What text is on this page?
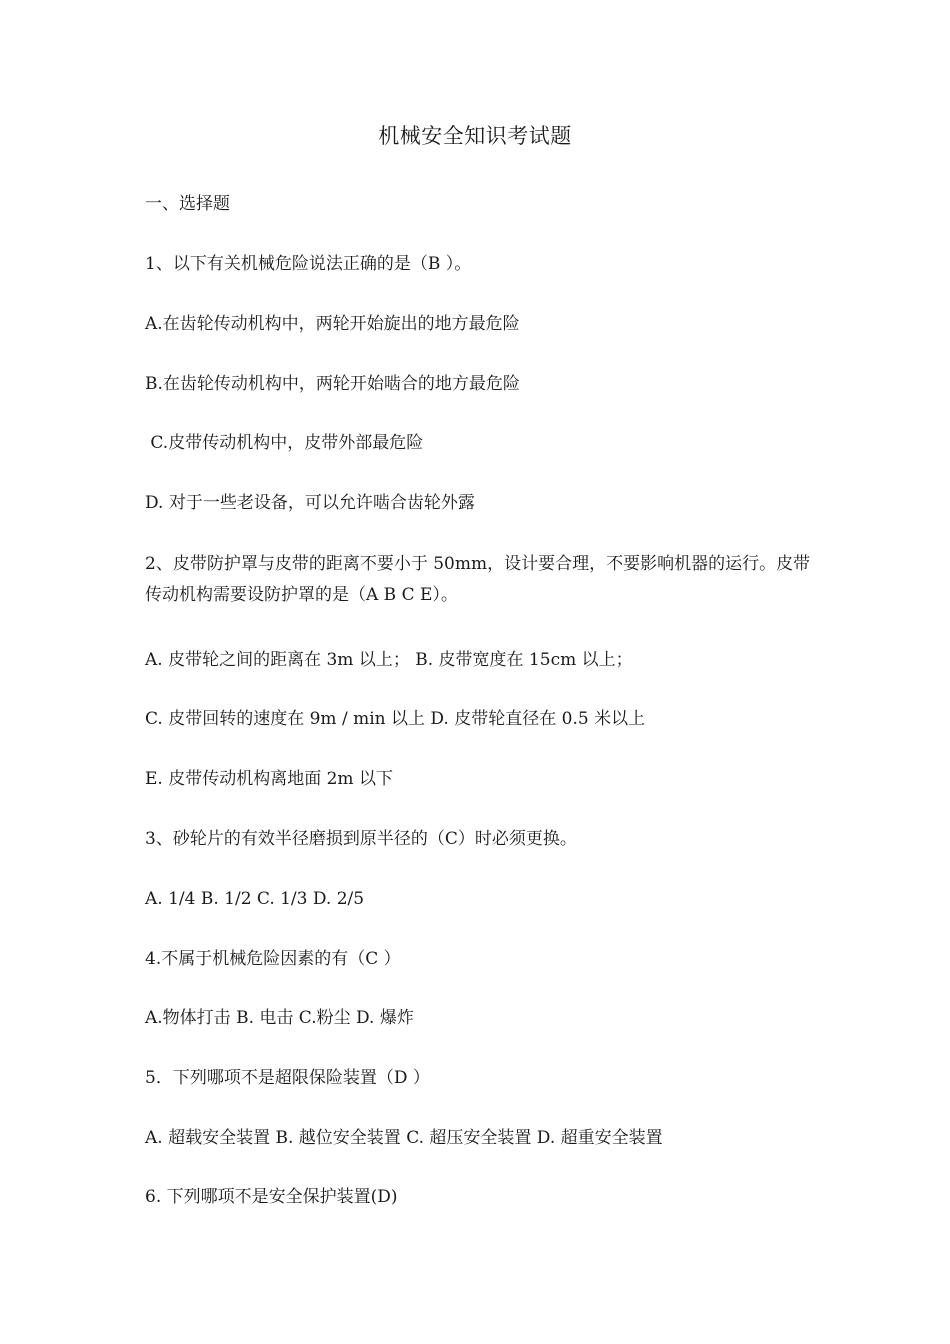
机械安全知识考试题
一、选择题
1、以下有关机械危险说法正确的是（B ）。
A.在齿轮传动机构中，两轮开始旋出的地方最危险
B.在齿轮传动机构中，两轮开始啮合的地方最危险
C.皮带传动机构中，皮带外部最危险
D. 对于一些老设备，可以允许啮合齿轮外露
2、皮带防护罩与皮带的距离不要小于 50mm，设计要合理，不要影响机器的运行。皮带传动机构需要设防护罩的是（A B C E）。
A. 皮带轮之间的距离在 3m 以上； B. 皮带宽度在 15cm 以上；
C. 皮带回转的速度在 9m / min 以上 D. 皮带轮直径在 0.5 米以上
E. 皮带传动机构离地面 2m 以下
3、砂轮片的有效半径磨损到原半径的（C）时必须更换。
A. 1/4 B. 1/2 C. 1/3 D. 2/5
4.不属于机械危险因素的有（C ）
A.物体打击 B. 电击 C.粉尘 D. 爆炸
5．下列哪项不是超限保险装置（D ）
A. 超载安全装置 B. 越位安全装置 C. 超压安全装置 D. 超重安全装置
6. 下列哪项不是安全保护装置(D)
